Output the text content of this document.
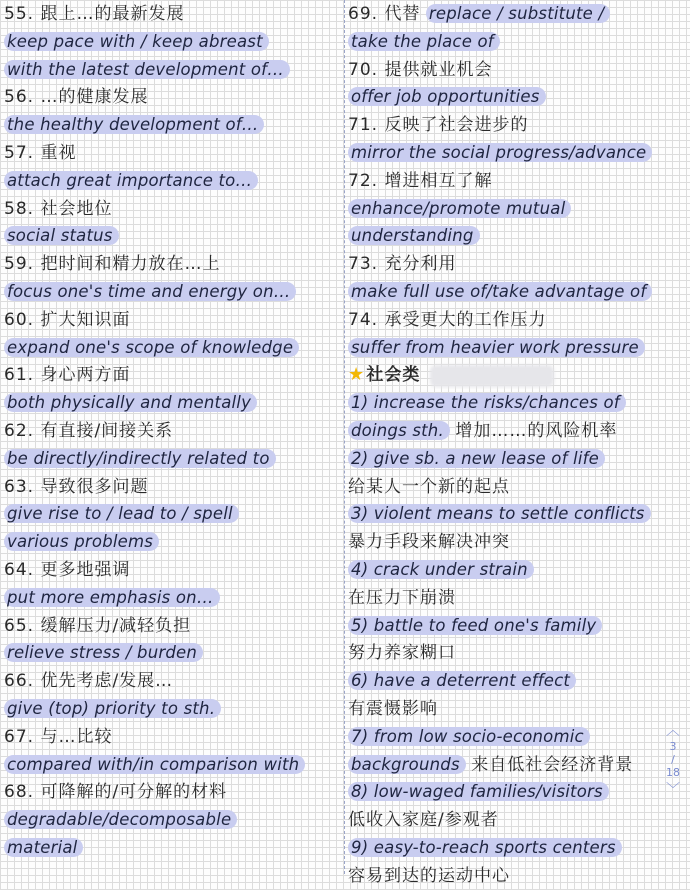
55. 跟上…的最新发展
keep pace with / keep abreast
with the latest development of…
56. …的健康发展
the healthy development of…
57. 重视
attach great importance to…
58. 社会地位
social status
59. 把时间和精力放在…上
focus one's time and energy on…
60. 扩大知识面
expand one's scope of knowledge
61. 身心两方面
both physically and mentally
62. 有直接/间接关系
be directly/indirectly related to
63. 导致很多问题
give rise to / lead to / spell
various problems
64. 更多地强调
put more emphasis on…
65. 缓解压力/减轻负担
relieve stress / burden
66. 优先考虑/发展…
give (top) priority to sth.
67. 与…比较
compared with/in comparison with
68. 可降解的/可分解的材料
degradable/decomposable
material
69. 代替 replace / substitute /
take the place of
70. 提供就业机会
offer job opportunities
71. 反映了社会进步的
mirror the social progress/advance
72. 增进相互了解
enhance/promote mutual
understanding
73. 充分利用
make full use of/take advantage of
74. 承受更大的工作压力
suffer from heavier work pressure
★ 社会类
1) increase the risks/chances of
doings sth. 增加……的风险机率
2) give sb. a new lease of life
给某人一个新的起点
3) violent means to settle conflicts
暴力手段来解决冲突
4) crack under strain
在压力下崩溃
5) battle to feed one's family
努力养家糊口
6) have a deterrent effect
有震慑影响
7) from low socio-economic
backgrounds 来自低社会经济背景
8) low-waged families/visitors
低收入家庭/参观者
9) easy-to-reach sports centers
容易到达的运动中心
︿
3
/
18
﹀
